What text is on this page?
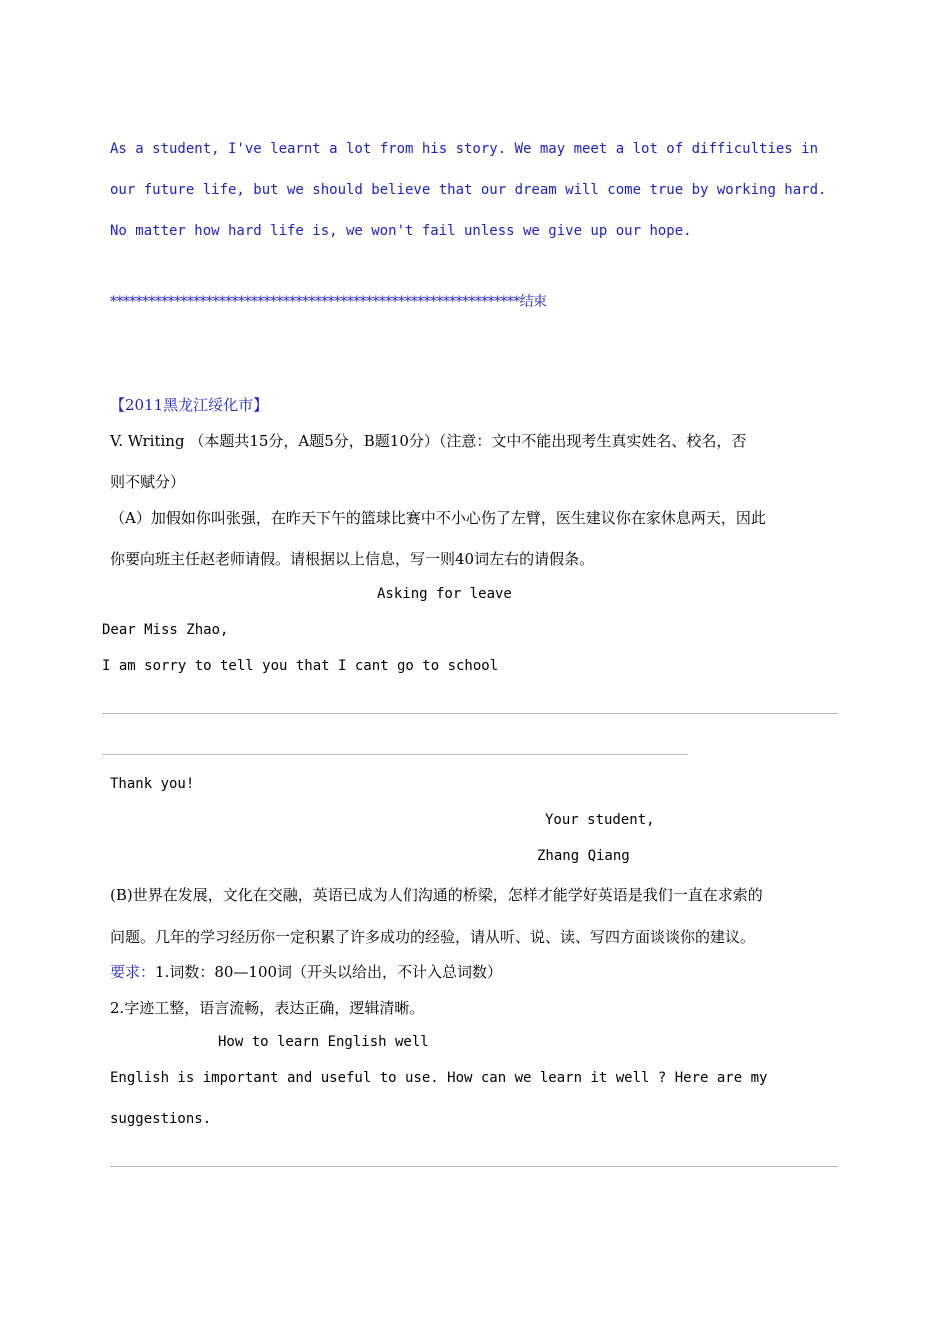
As a student, I've learnt a lot from his story. We may meet a lot of difficulties in
our future life, but we should believe that our dream will come true by working hard.
No matter how hard life is, we won't fail unless we give up our hope.
****************************************************************结束
【2011黑龙江绥化市】
V. Writing （本题共15分，A题5分，B题10分）（注意：文中不能出现考生真实姓名、校名，否
则不赋分）
（A）加假如你叫张强，在昨天下午的篮球比赛中不小心伤了左臂，医生建议你在家休息两天，因此
你要向班主任赵老师请假。请根据以上信息，写一则40词左右的请假条。
Asking for leave
Dear Miss Zhao,
I am sorry to tell you that I cant go to school
Thank you!
Your student,
Zhang Qiang
(B)世界在发展，文化在交融，英语已成为人们沟通的桥梁，怎样才能学好英语是我们一直在求索的
问题。几年的学习经历你一定积累了许多成功的经验，请从听、说、读、写四方面谈谈你的建议。
要求：1.词数：80—100词（开头以给出，不计入总词数）
2.字迹工整，语言流畅，表达正确，逻辑清晰。
How to learn English well
English is important and useful to use. How can we learn it well ? Here are my
suggestions.
